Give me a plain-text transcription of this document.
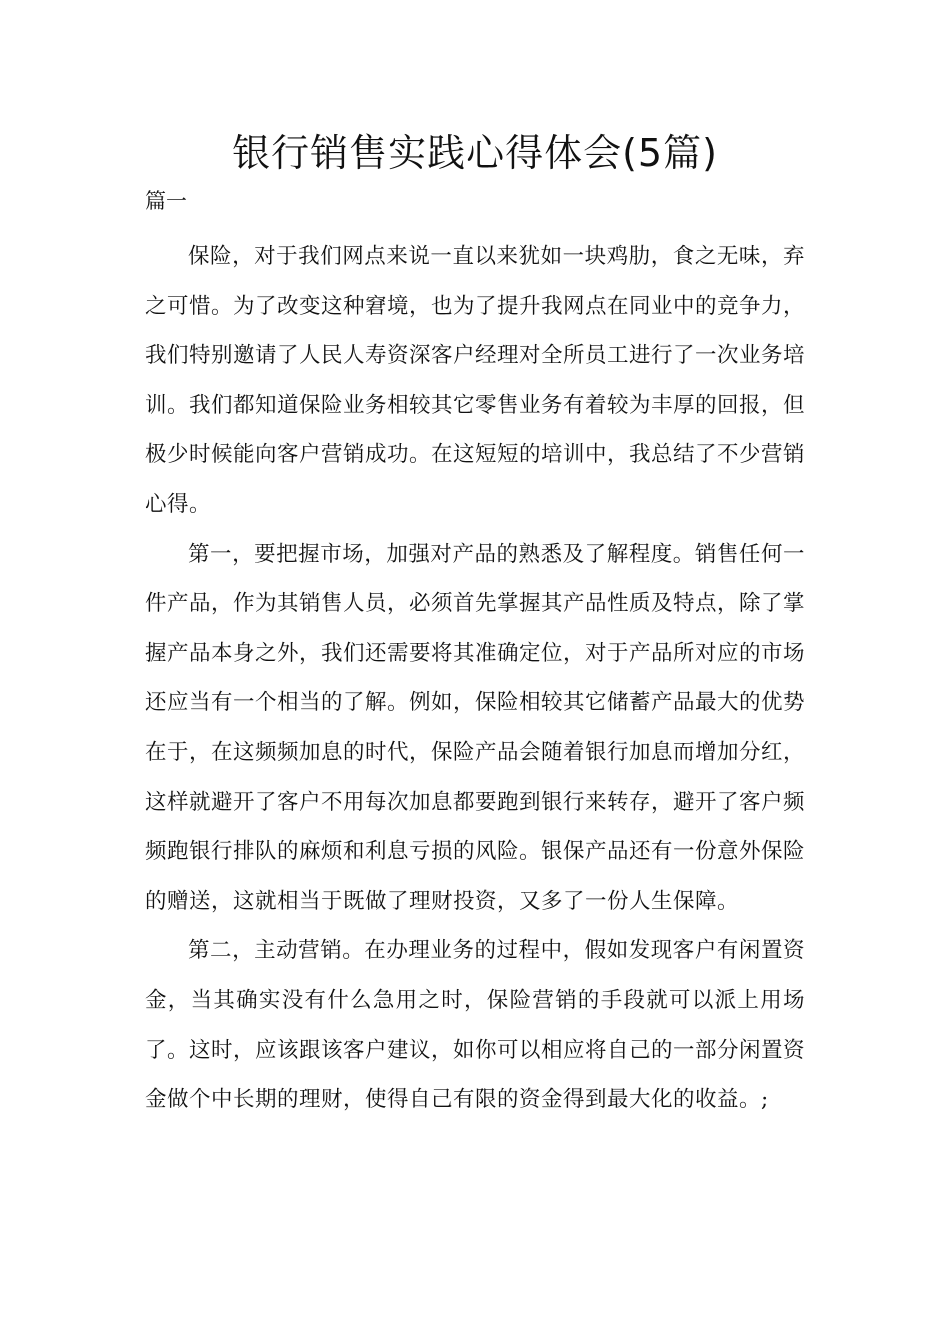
银行销售实践心得体会(5篇)
篇一

保险，对于我们网点来说一直以来犹如一块鸡肋，食之无味，弃之可惜。为了改变这种窘境，也为了提升我网点在同业中的竞争力，我们特别邀请了人民人寿资深客户经理对全所员工进行了一次业务培训。我们都知道保险业务相较其它零售业务有着较为丰厚的回报，但极少时候能向客户营销成功。在这短短的培训中，我总结了不少营销心得。

第一，要把握市场，加强对产品的熟悉及了解程度。销售任何一件产品，作为其销售人员，必须首先掌握其产品性质及特点，除了掌握产品本身之外，我们还需要将其准确定位，对于产品所对应的市场还应当有一个相当的了解。例如，保险相较其它储蓄产品最大的优势在于，在这频频加息的时代，保险产品会随着银行加息而增加分红，这样就避开了客户不用每次加息都要跑到银行来转存，避开了客户频频跑银行排队的麻烦和利息亏损的风险。银保产品还有一份意外保险的赠送，这就相当于既做了理财投资，又多了一份人生保障。

第二，主动营销。在办理业务的过程中，假如发现客户有闲置资金，当其确实没有什么急用之时，保险营销的手段就可以派上用场了。这时，应该跟该客户建议，如你可以相应将自己的一部分闲置资金做个中长期的理财，使得自己有限的资金得到最大化的收益。;
